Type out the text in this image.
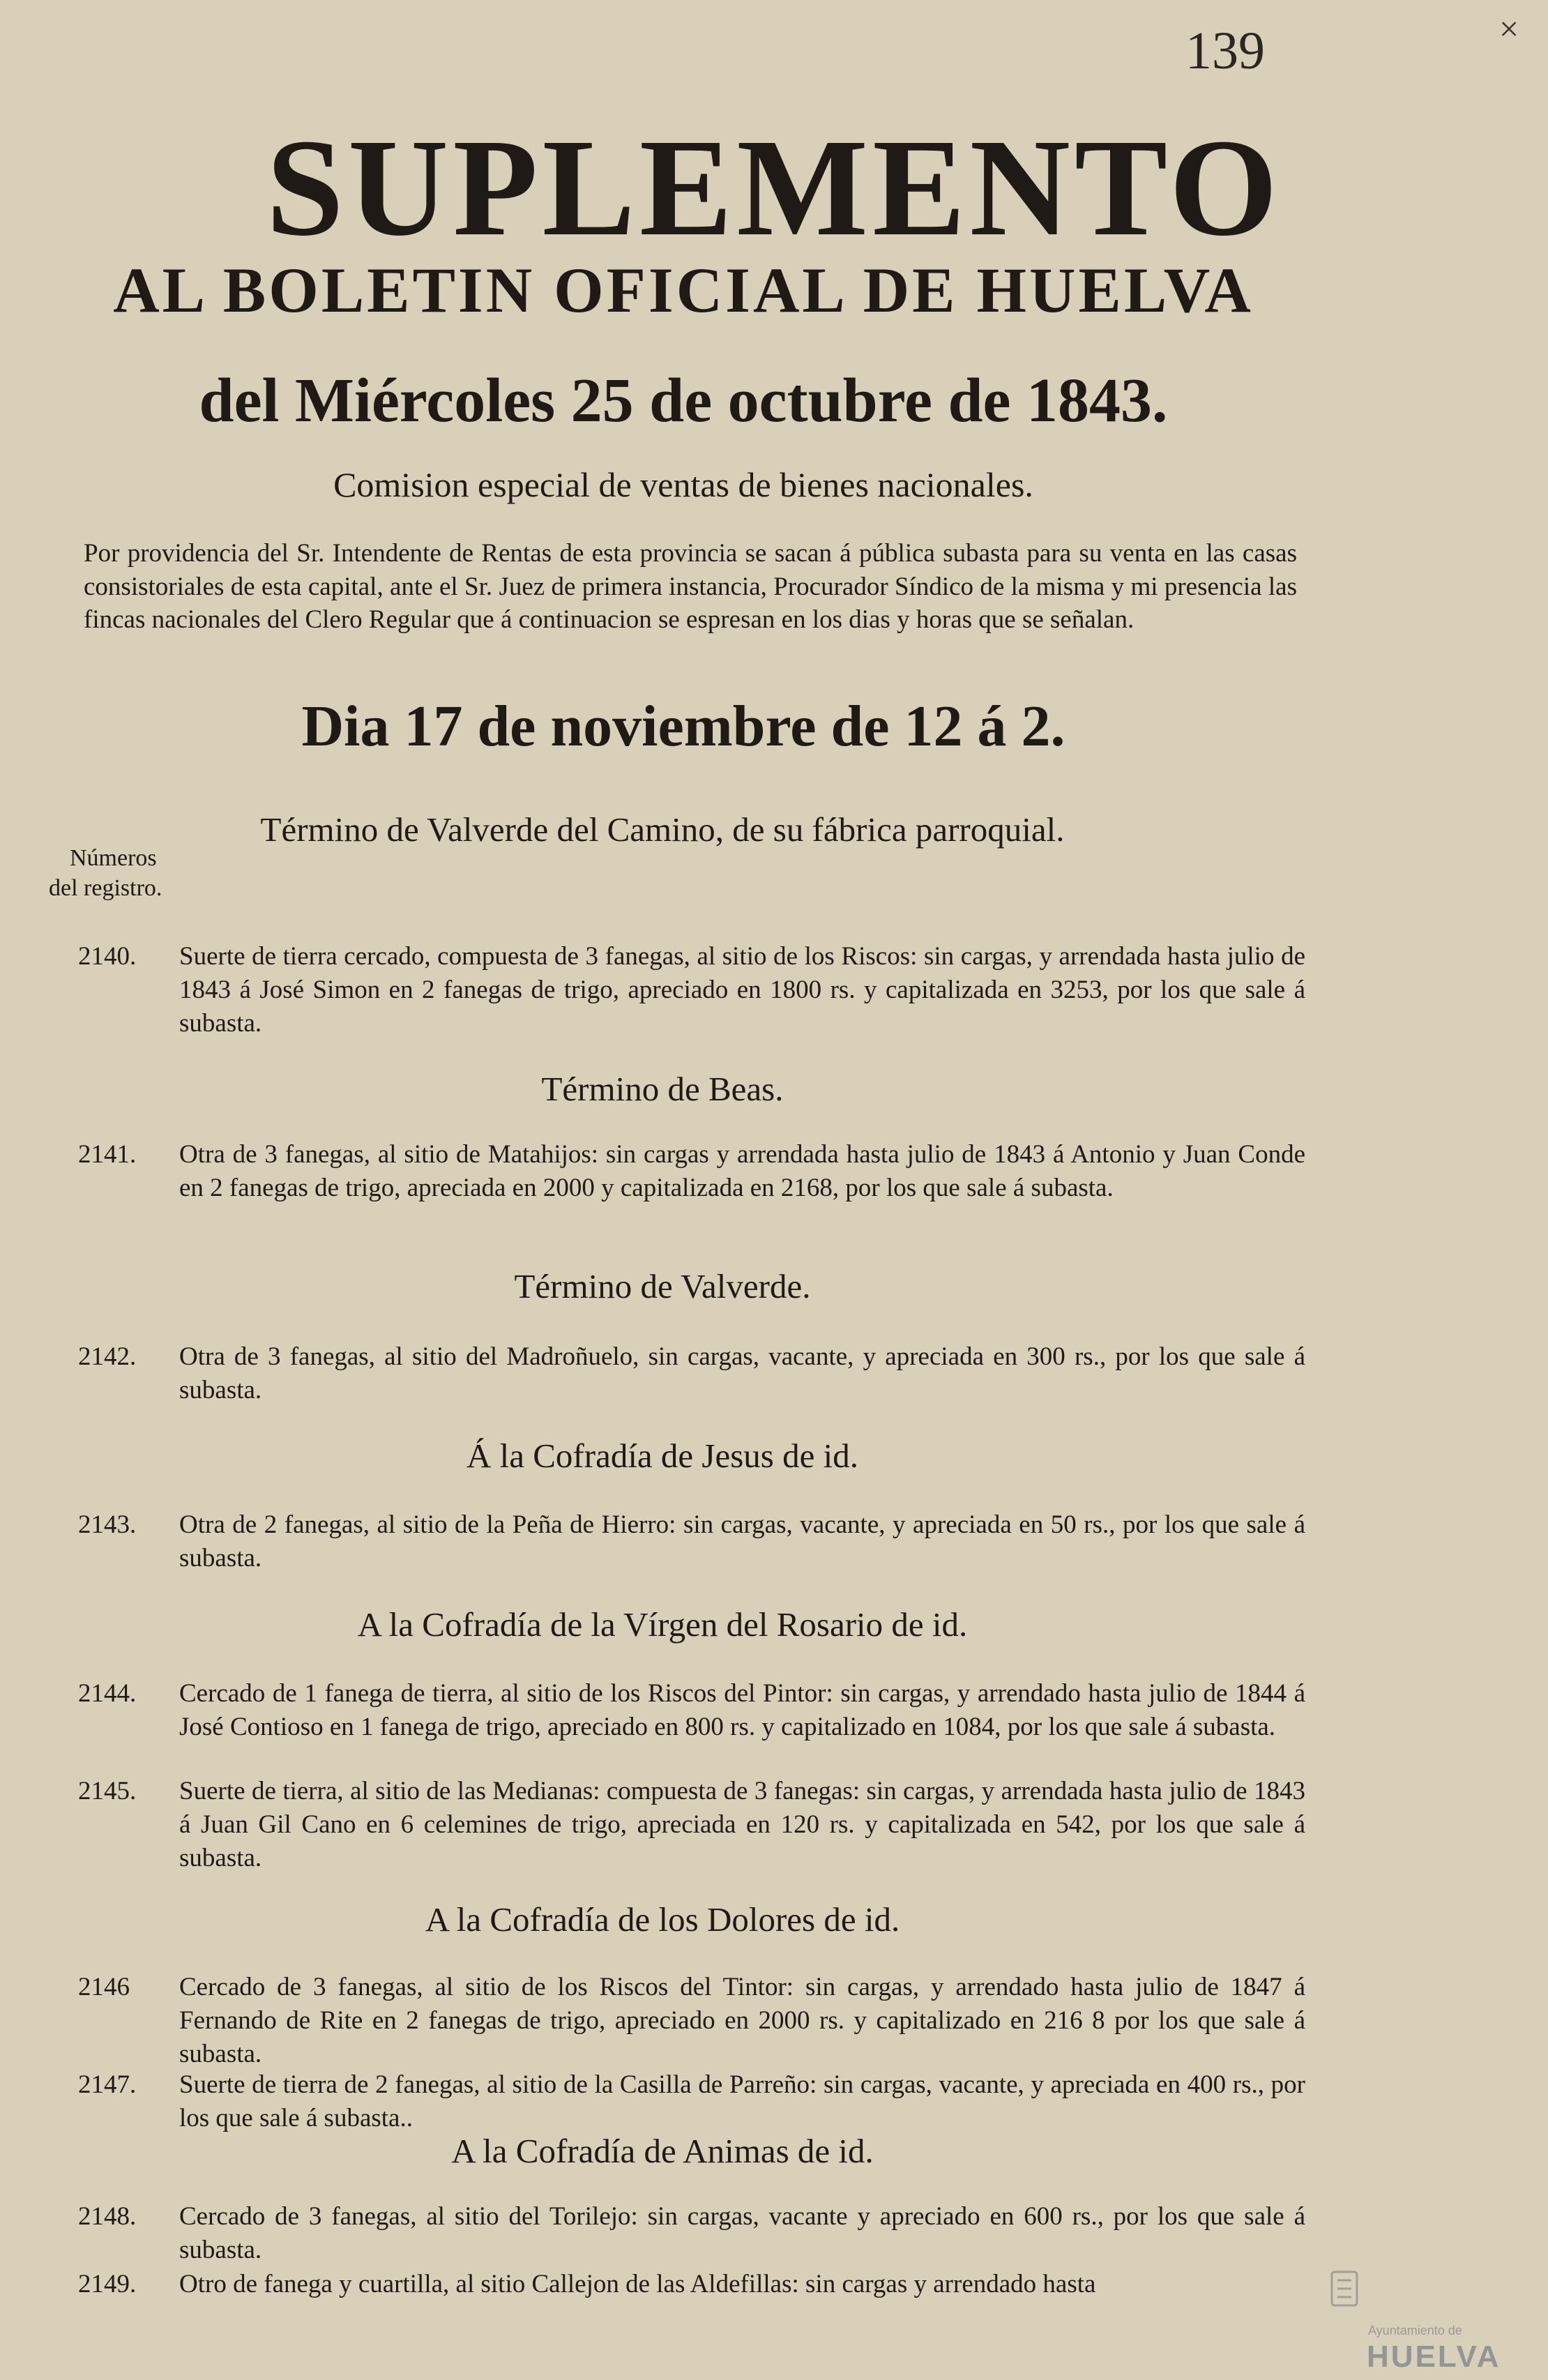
139	×
SUPLEMENTO
AL BOLETIN OFICIAL DE HUELVA
del Miércoles 25 de octubre de 1843.
Comision especial de ventas de bienes nacionales.
Por providencia del Sr. Intendente de Rentas de esta provincia se sacan á pública subasta para su venta en las casas consistoriales de esta capital, ante el Sr. Juez de primera instancia, Procurador Síndico de la misma y mi presencia las fincas nacionales del Clero Regular que á continuacion se espresan en los dias y horas que se señalan.
Dia 17 de noviembre de 12 á 2.
Término de Valverde del Camino, de su fábrica parroquial.
Números
del registro.
2140.	Suerte de tierra cercado, compuesta de 3 fanegas, al sitio de los Riscos: sin cargas, y arrendada hasta julio de 1843 á José Simon en 2 fanegas de trigo, apreciado en 1800 rs. y capitalizada en 3253, por los que sale á subasta.
Término de Beas.
2141.	Otra de 3 fanegas, al sitio de Matahijos: sin cargas y arrendada hasta julio de 1843 á Antonio y Juan Conde en 2 fanegas de trigo, apreciada en 2000 y capitalizada en 2168, por los que sale á subasta.
Término de Valverde.
2142.	Otra de 3 fanegas, al sitio del Madroñuelo, sin cargas, vacante, y apreciada en 300 rs., por los que sale á subasta.
Á la Cofradía de Jesus de id.
2143.	Otra de 2 fanegas, al sitio de la Peña de Hierro: sin cargas, vacante, y apreciada en 50 rs., por los que sale á subasta.
A la Cofradía de la Vírgen del Rosario de id.
2144.	Cercado de 1 fanega de tierra, al sitio de los Riscos del Pintor: sin cargas, y arrendado hasta julio de 1844 á José Contioso en 1 fanega de trigo, apreciado en 800 rs. y capitalizado en 1084, por los que sale á subasta.
2145.	Suerte de tierra, al sitio de las Medianas: compuesta de 3 fanegas: sin cargas, y arrendada hasta julio de 1843 á Juan Gil Cano en 6 celemines de trigo, apreciada en 120 rs. y capitalizada en 542, por los que sale á subasta.
A la Cofradía de los Dolores de id.
2146	Cercado de 3 fanegas, al sitio de los Riscos del Tintor: sin cargas, y arrendado hasta julio de 1847 á Fernando de Rite en 2 fanegas de trigo, apreciado en 2000 rs. y capitalizado en 216 8 por los que sale á subasta.
2147.	Suerte de tierra de 2 fanegas, al sitio de la Casilla de Parreño: sin cargas, vacante, y apreciada en 400 rs., por los que sale á subasta..
A la Cofradía de Animas de id.
2148.	Cercado de 3 fanegas, al sitio del Torilejo: sin cargas, vacante y apreciado en 600 rs., por los que sale á subasta.
2149.	Otro de fanega y cuartilla, al sitio Callejon de las Aldefillas: sin cargas y arrendado hasta
Ayuntamiento de
HUELVA
